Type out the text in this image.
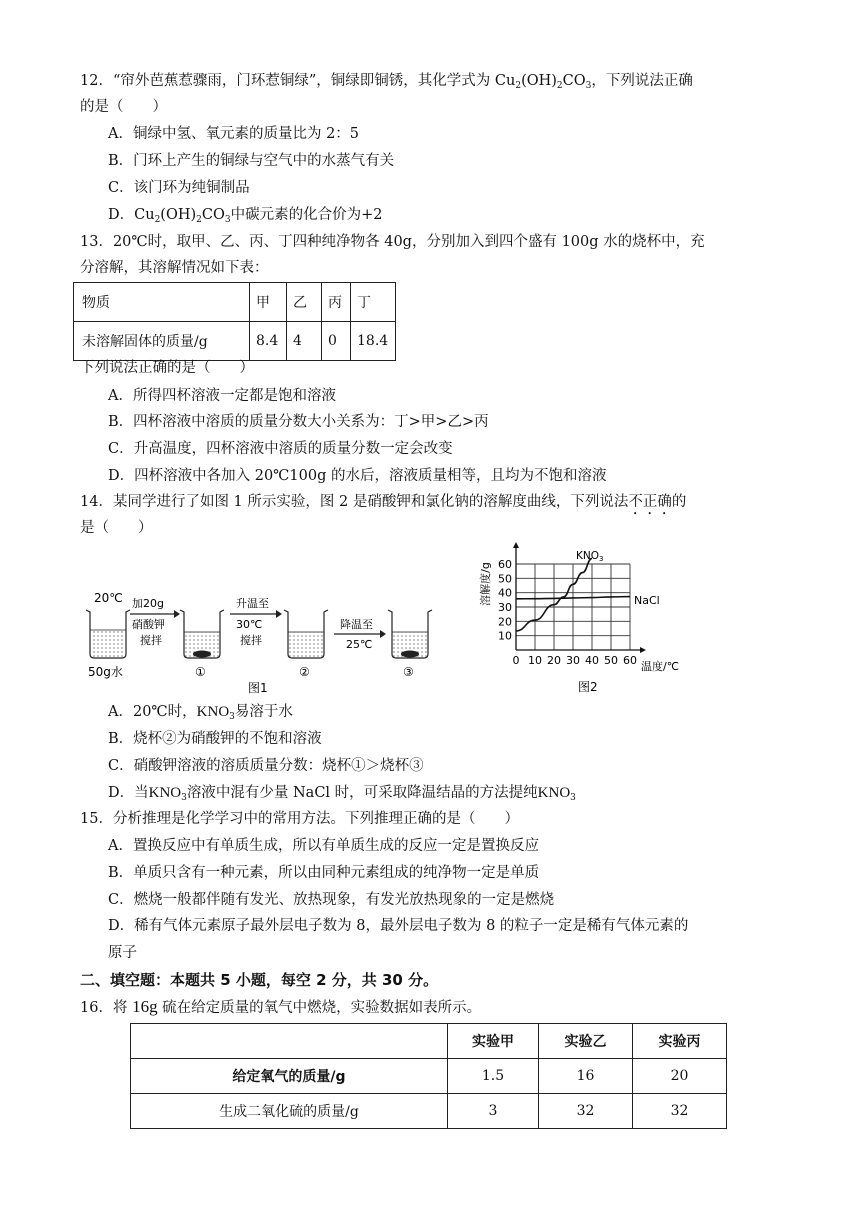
12．“帘外芭蕉惹骤雨，门环惹铜绿”，铜绿即铜锈，其化学式为 $Cu_2(OH)_2CO_3$，下列说法正确
的是（　　）
A．铜绿中氢、氧元素的质量比为 2：5
B．门环上产生的铜绿与空气中的水蒸气有关
C．该门环为纯铜制品
D．$Cu_2(OH)_2CO_3$中碳元素的化合价为+2
13．20℃时，取甲、乙、丙、丁四种纯净物各 40g，分别加入到四个盛有 100g 水的烧杯中，充
分溶解，其溶解情况如下表：
物质	甲	乙	丙	丁
未溶解固体的质量/g	8.4	4	0	18.4
下列说法正确的是（　　）
A．所得四杯溶液一定都是饱和溶液
B．四杯溶液中溶质的质量分数大小关系为：丁>甲>乙>丙
C．升高温度，四杯溶液中溶质的质量分数一定会改变
D．四杯溶液中各加入 20℃100g 的水后，溶液质量相等，且均为不饱和溶液
14．某同学进行了如图 1 所示实验，图 2 是硝酸钾和氯化钠的溶解度曲线，下列说法不正确的
是（　　）
20℃
50g水
加20g
硝酸钾
搅拌
①
升温至
30℃
搅拌
②
降温至
25℃
③
图1
0 10 20 30 40 50 60
10
20
30
40
50
60
溶解度/g
温度/℃
图2
KNO3
NaCl
A．20℃时，$KNO_3$易溶于水
B．烧杯②为硝酸钾的不饱和溶液
C．硝酸钾溶液的溶质质量分数：烧杯①＞烧杯③
D．当$KNO_3$溶液中混有少量 NaCl 时，可采取降温结晶的方法提纯$KNO_3$
15．分析推理是化学学习中的常用方法。下列推理正确的是（　　）
A．置换反应中有单质生成，所以有单质生成的反应一定是置换反应
B．单质只含有一种元素，所以由同种元素组成的纯净物一定是单质
C．燃烧一般都伴随有发光、放热现象，有发光放热现象的一定是燃烧
D．稀有气体元素原子最外层电子数为 8，最外层电子数为 8 的粒子一定是稀有气体元素的
原子
二、填空题：本题共 5 小题，每空 2 分，共 30 分。
16．将 16g 硫在给定质量的氧气中燃烧，实验数据如表所示。
	实验甲	实验乙	实验丙
给定氧气的质量/g	1.5	16	20
生成二氧化硫的质量/g	3	32	32
